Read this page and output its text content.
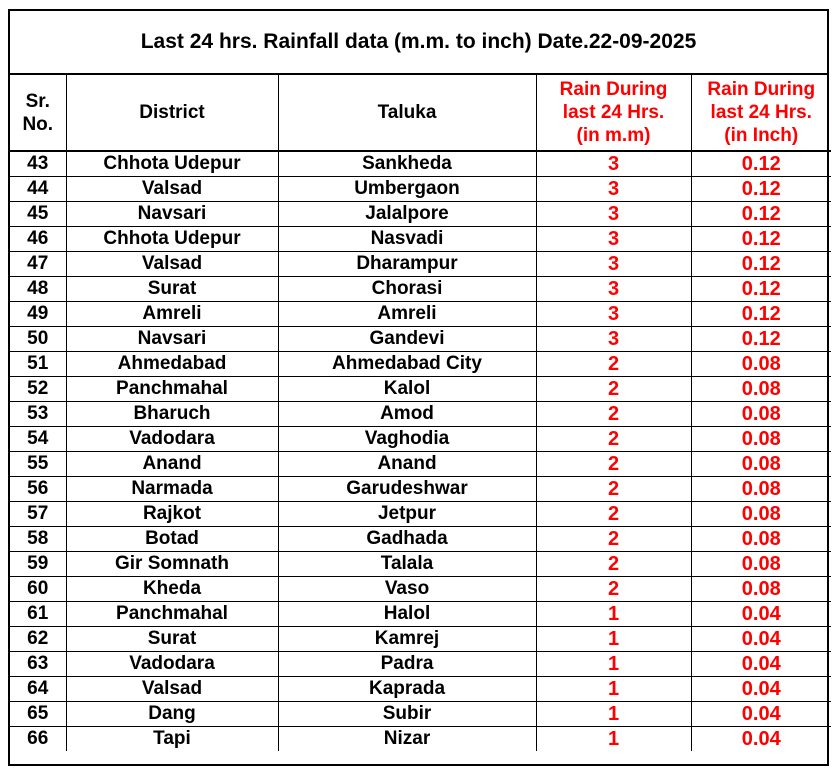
Last 24 hrs. Rainfall data (m.m. to inch) Date.22-09-2025
Sr.
No.	District	Taluka	Rain During
last 24 Hrs.
(in m.m)	Rain During
last 24 Hrs.
(in Inch)
43	Chhota Udepur	Sankheda	3	0.12
44	Valsad	Umbergaon	3	0.12
45	Navsari	Jalalpore	3	0.12
46	Chhota Udepur	Nasvadi	3	0.12
47	Valsad	Dharampur	3	0.12
48	Surat	Chorasi	3	0.12
49	Amreli	Amreli	3	0.12
50	Navsari	Gandevi	3	0.12
51	Ahmedabad	Ahmedabad City	2	0.08
52	Panchmahal	Kalol	2	0.08
53	Bharuch	Amod	2	0.08
54	Vadodara	Vaghodia	2	0.08
55	Anand	Anand	2	0.08
56	Narmada	Garudeshwar	2	0.08
57	Rajkot	Jetpur	2	0.08
58	Botad	Gadhada	2	0.08
59	Gir Somnath	Talala	2	0.08
60	Kheda	Vaso	2	0.08
61	Panchmahal	Halol	1	0.04
62	Surat	Kamrej	1	0.04
63	Vadodara	Padra	1	0.04
64	Valsad	Kaprada	1	0.04
65	Dang	Subir	1	0.04
66	Tapi	Nizar	1	0.04
